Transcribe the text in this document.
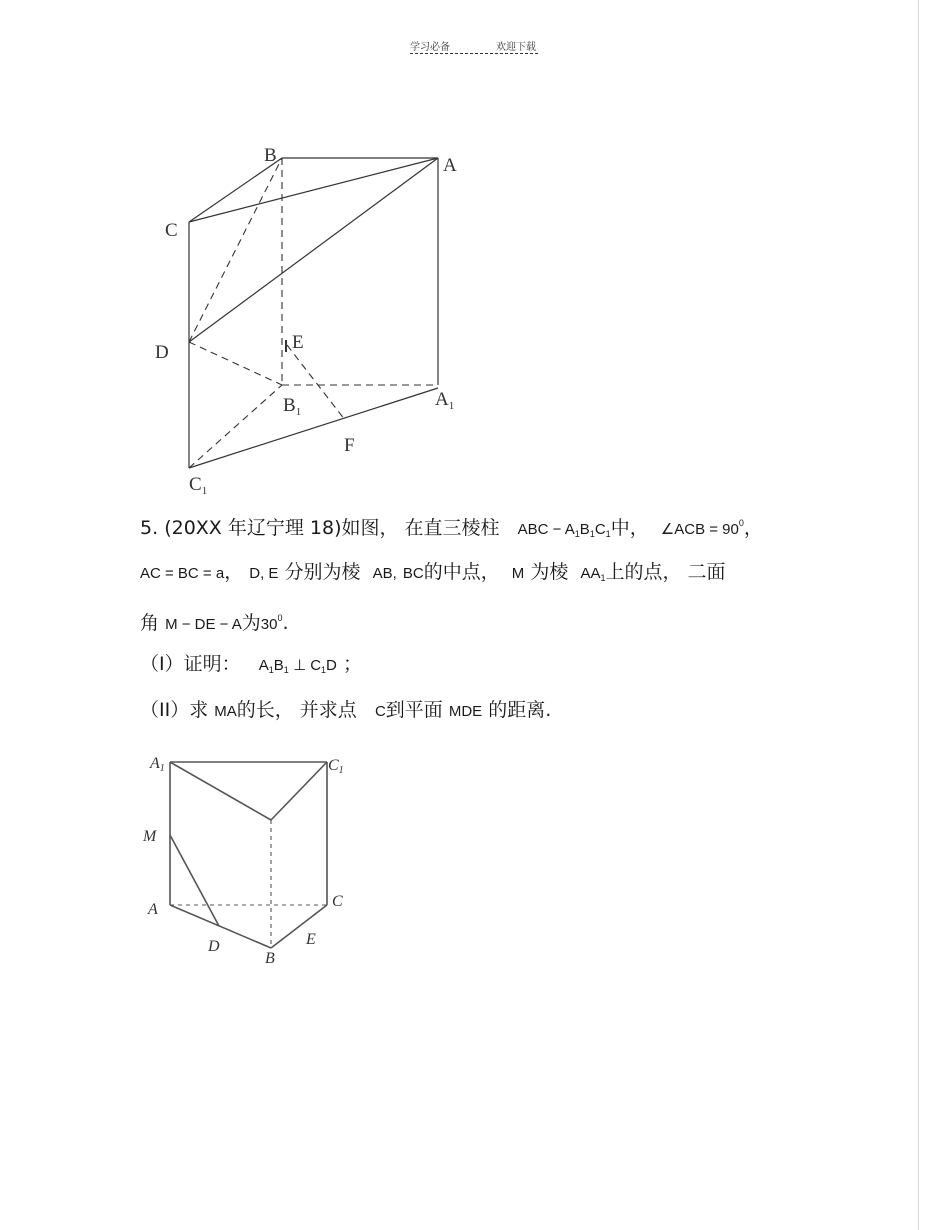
学习必备	欢迎下载
B	A
C
D	E
$B_1$
$A_1$
F
$C_1$
5. (20XX 年辽宁理 18)如图， 在直三棱柱 ABC − $A_1B_1C_1$中， ∠ACB = $90^0$，
AC = BC = a， D, E 分别为棱 AB, BC的中点，  M 为棱 $AA_1$上的点， 二面
角 M − DE − A为$30^0$.
（I）证明： $A_1B_1$ ⊥ $C_1D$ ；
（II）求 MA的长， 并求点 C到平面 MDE 的距离.
A1	C1
M
A	C
D	E
B
